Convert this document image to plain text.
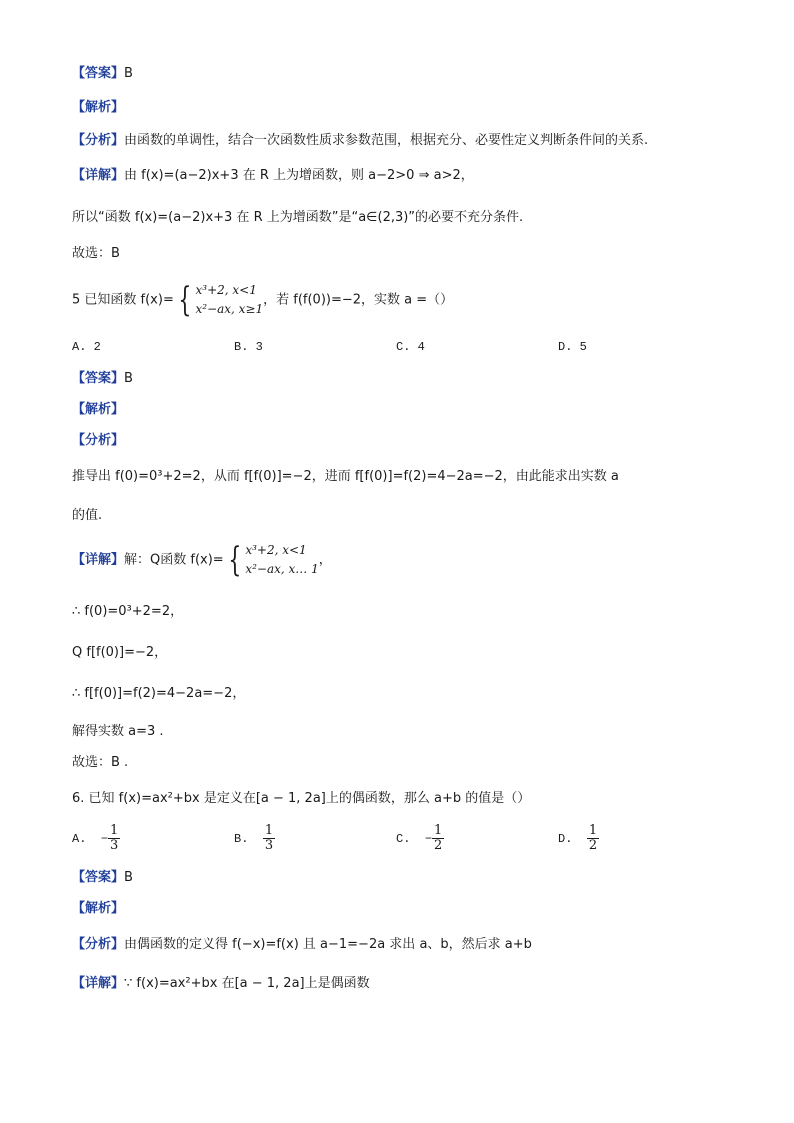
【答案】B
【解析】
【分析】由函数的单调性，结合一次函数性质求参数范围，根据充分、必要性定义判断条件间的关系.
【详解】由 f(x)=(a−2)x+3 在 R 上为增函数，则 a−2>0 ⇒ a>2，
所以“函数 f(x)=(a−2)x+3 在 R 上为增函数”是“a∈(2,3)”的必要不充分条件.
故选：B
5 已知函数 f(x)= { x³+2, x<1
x²−ax, x≥1
，若 f(f(0))=−2，实数 a =（）
A. 2	B. 3	C. 4	D. 5
【答案】B
【解析】
【分析】
推导出 f(0)=0³+2=2，从而 f[f(0)]=−2，进而 f[f(0)]=f(2)=4−2a=−2，由此能求出实数 a
的值.
【详解】解：Q函数 f(x)= { x³+2, x<1
x²−ax, x… 1
，
∴ f(0)=0³+2=2，
Q f[f(0)]=−2，
∴ f[f(0)]=f(2)=4−2a=−2，
解得实数 a=3 .
故选：B .
6. 已知 f(x)=ax²+bx 是定义在[a − 1, 2a]上的偶函数，那么 a+b 的值是（）
A.
− $\frac{1}{3}$	B.
$\frac{1}{3}$	C.
− $\frac{1}{2}$	D.
$\frac{1}{2}$
【答案】B
【解析】
【分析】由偶函数的定义得 f(−x)=f(x) 且 a−1=−2a 求出 a、b，然后求 a+b
【详解】∵ f(x)=ax²+bx 在[a − 1, 2a]上是偶函数
